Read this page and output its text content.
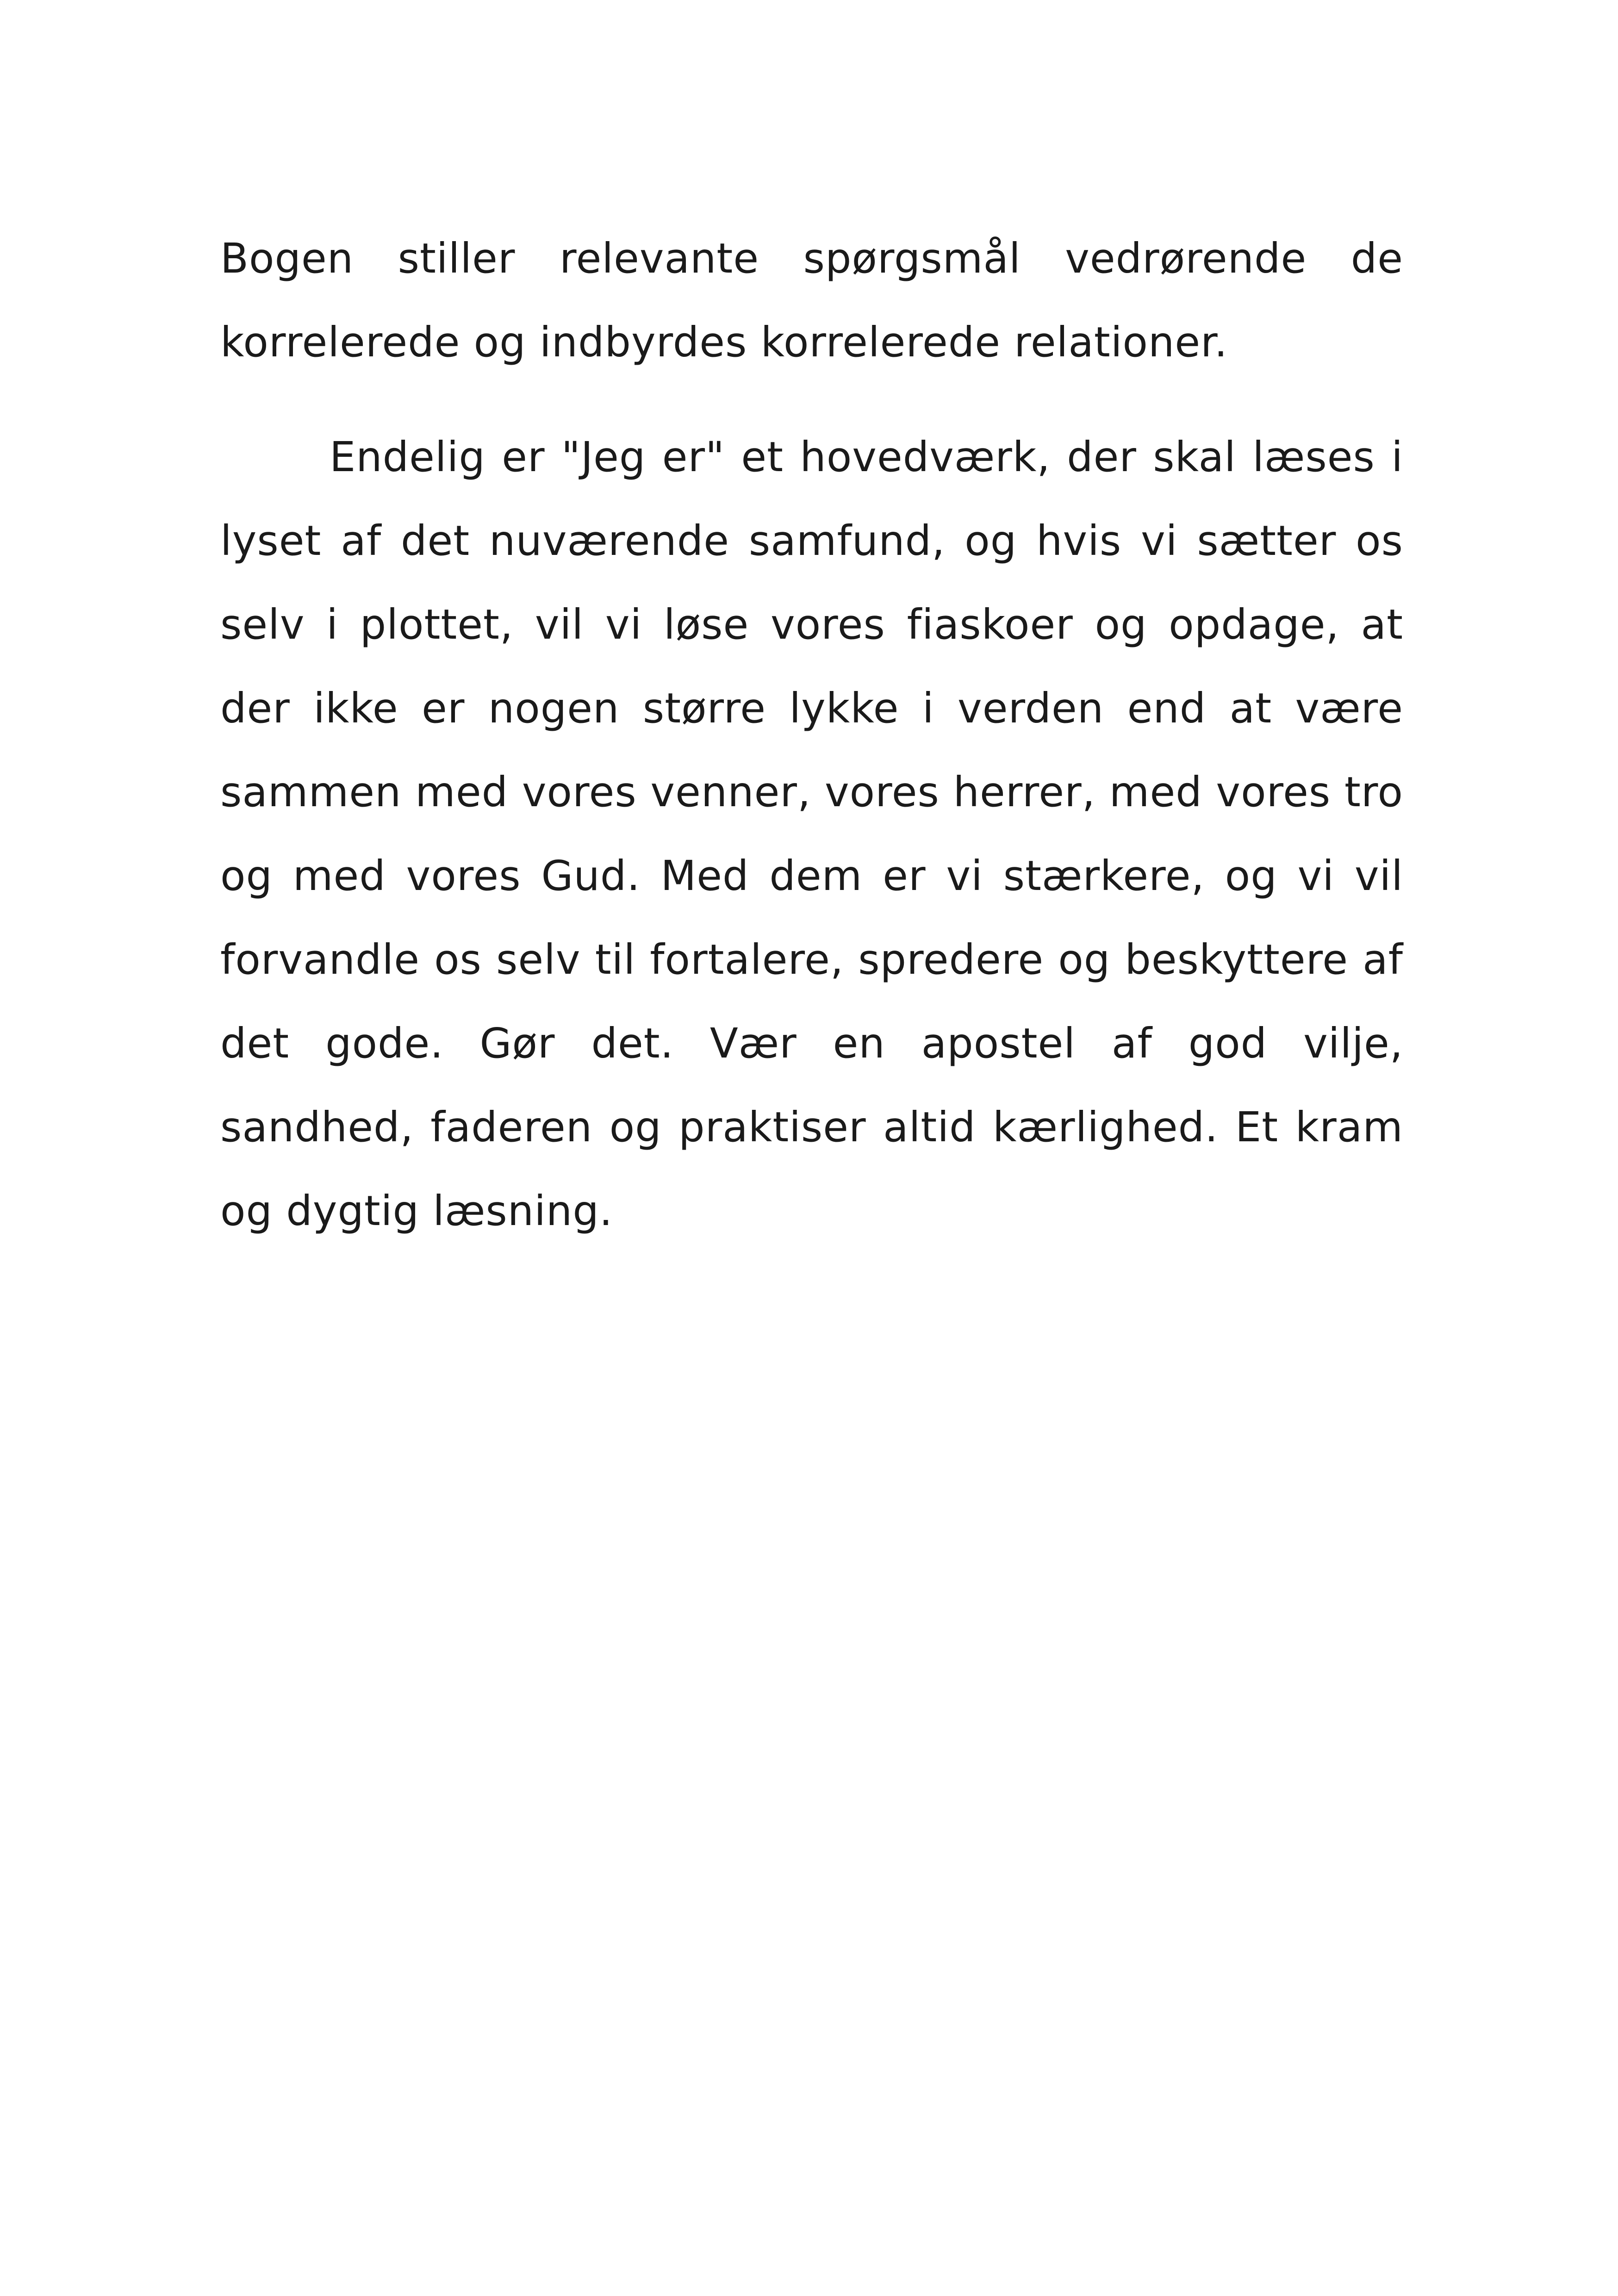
Bogen stiller relevante spørgsmål vedrørende de korrelerede og indbyrdes korrelerede relationer.

Endelig er "Jeg er" et hovedværk, der skal læses i lyset af det nuværende samfund, og hvis vi sætter os selv i plottet, vil vi løse vores fiaskoer og opdage, at der ikke er nogen større lykke i verden end at være sammen med vores venner, vores herrer, med vores tro og med vores Gud. Med dem er vi stærkere, og vi vil forvandle os selv til fortalere, spredere og beskyttere af det gode. Gør det. Vær en apostel af god vilje, sandhed, faderen og praktiser altid kærlighed. Et kram og dygtig læsning.
